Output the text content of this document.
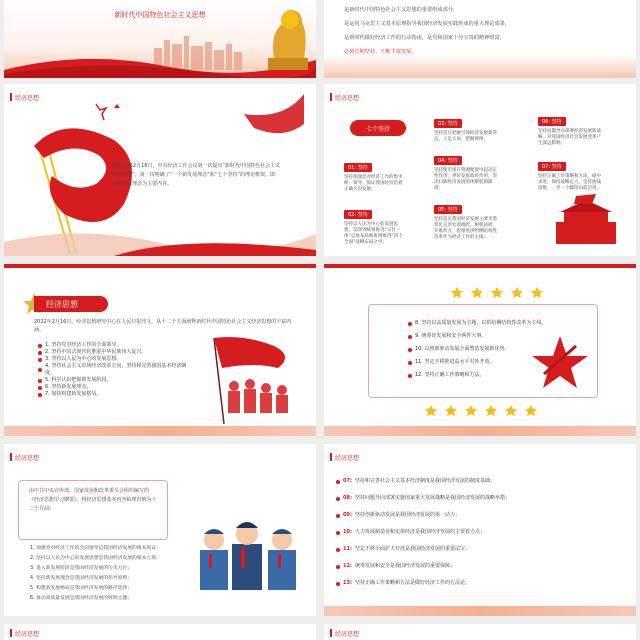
新时代中国特色社会主义思想
是新时代中国特色社会主义思想的重要组成部分，
是运用马克思主义基本原理指导我国经济发展实践形成的重大理论成果，
是新时代做好经济工作的行动指南，是党和国家十分宝贵的精神财富，
必须长期坚持、不断丰富发展。
经济思想
2017年12月18日，中央经济工作会议第一次提出“新时代中国特色社会主义经济思想”，第一次明确了“一个新发展理念”和“七个坚持”的理论框架，即：以新发展理念为主要内容。
经济思想
七个坚持
01: 坚持
坚持加强党对经济工作的集中统一领导，保证我国经济沿着正确方向发展。
02: 坚持
坚持以人民为中心的发展思想，贯穿到统筹推进“五位一体”总体布局和协调推进“四个全面”战略布局之中；
03: 坚持
坚持适应把握引领经济发展新常态，立足大局，把握规律；
04: 坚持
坚持使市场在资源配置中起决定性作用，更好发挥政府作用，坚决扫除经济发展的体制机制障碍；
05: 坚持
坚持适应我国经济发展主要矛盾变化完善宏观调控，相机抉择，开准药方，把推进供给侧结构性改革作为经济工作的主线；
06: 坚持
坚持问题导向部署经济发展新战略，对我国经济社会发展变革产生深远影响；
07: 坚持
坚持正确工作策略和方法，稳中求进，保持战略定力，坚持底线思维，一步一个脚印向前迈进。
经济思想
2022年2月16日，经济思想研究中心在人民日报刊文，从十二个方面阐释新时代中国特色社会主义经济思想的丰富内涵。
1. 坚持党对经济工作的全面领导。
2. 坚持中国式现代化推进中华民族伟大复兴。
3. 坚持以人民为中心的发展思想。
4. 坚持社会主义市场经济改革方向，坚持和完善我国基本经济制度。
5. 科学认识把握新发展阶段。
6. 坚持新发展理念。
7. 加快构建新发展格局。
8. 坚持以高质量发展为主题，以供给侧结构性改革为主线。
9. 统筹好发展和安全两件大事。
10. 以创新驱动发展全面塑造发展新优势。
11. 坚定不移推进高水平对外开放。
12. 坚持正确工作策略和方法。
经济思想
由中共中央宣传部、国家发展和改革委员会组织编写的《经济思想学习纲要》，将经济思想基本内容梳理归纳为十三个方面：
1. 加强党对经济工作的全面领导是我国经济发展的根本保证；
2. 坚持以人民为中心的发展思想是我国经济发展的根本立场；
3. 进入新发展阶段是我国经济发展的历史方位；
4. 坚持新发展理念是我国经济发展的指导原则；
5. 构建新发展格局是我国经济发展的路径选择；
6. 推动高质量发展是我国经济发展的鲜明主题；
经济思想
07: 坚持和完善社会主义基本经济制度是我国经济发展的制度基础；
08: 坚持问题导向部署实施国家重大发展战略是我国经济发展的战略举措；
09: 坚持创新驱动发展是我国经济发展的第一动力；
10: 大力发展制造业和实体经济是我国经济发展的主要着力点；
11: 坚定不移全面扩大开放是我国经济发展的重要法宝；
12: 统筹发展和安全是我国经济发展的重要保障；
13: 坚持正确工作策略和方法是做好经济工作的方法论。
经济思想	经济思想
